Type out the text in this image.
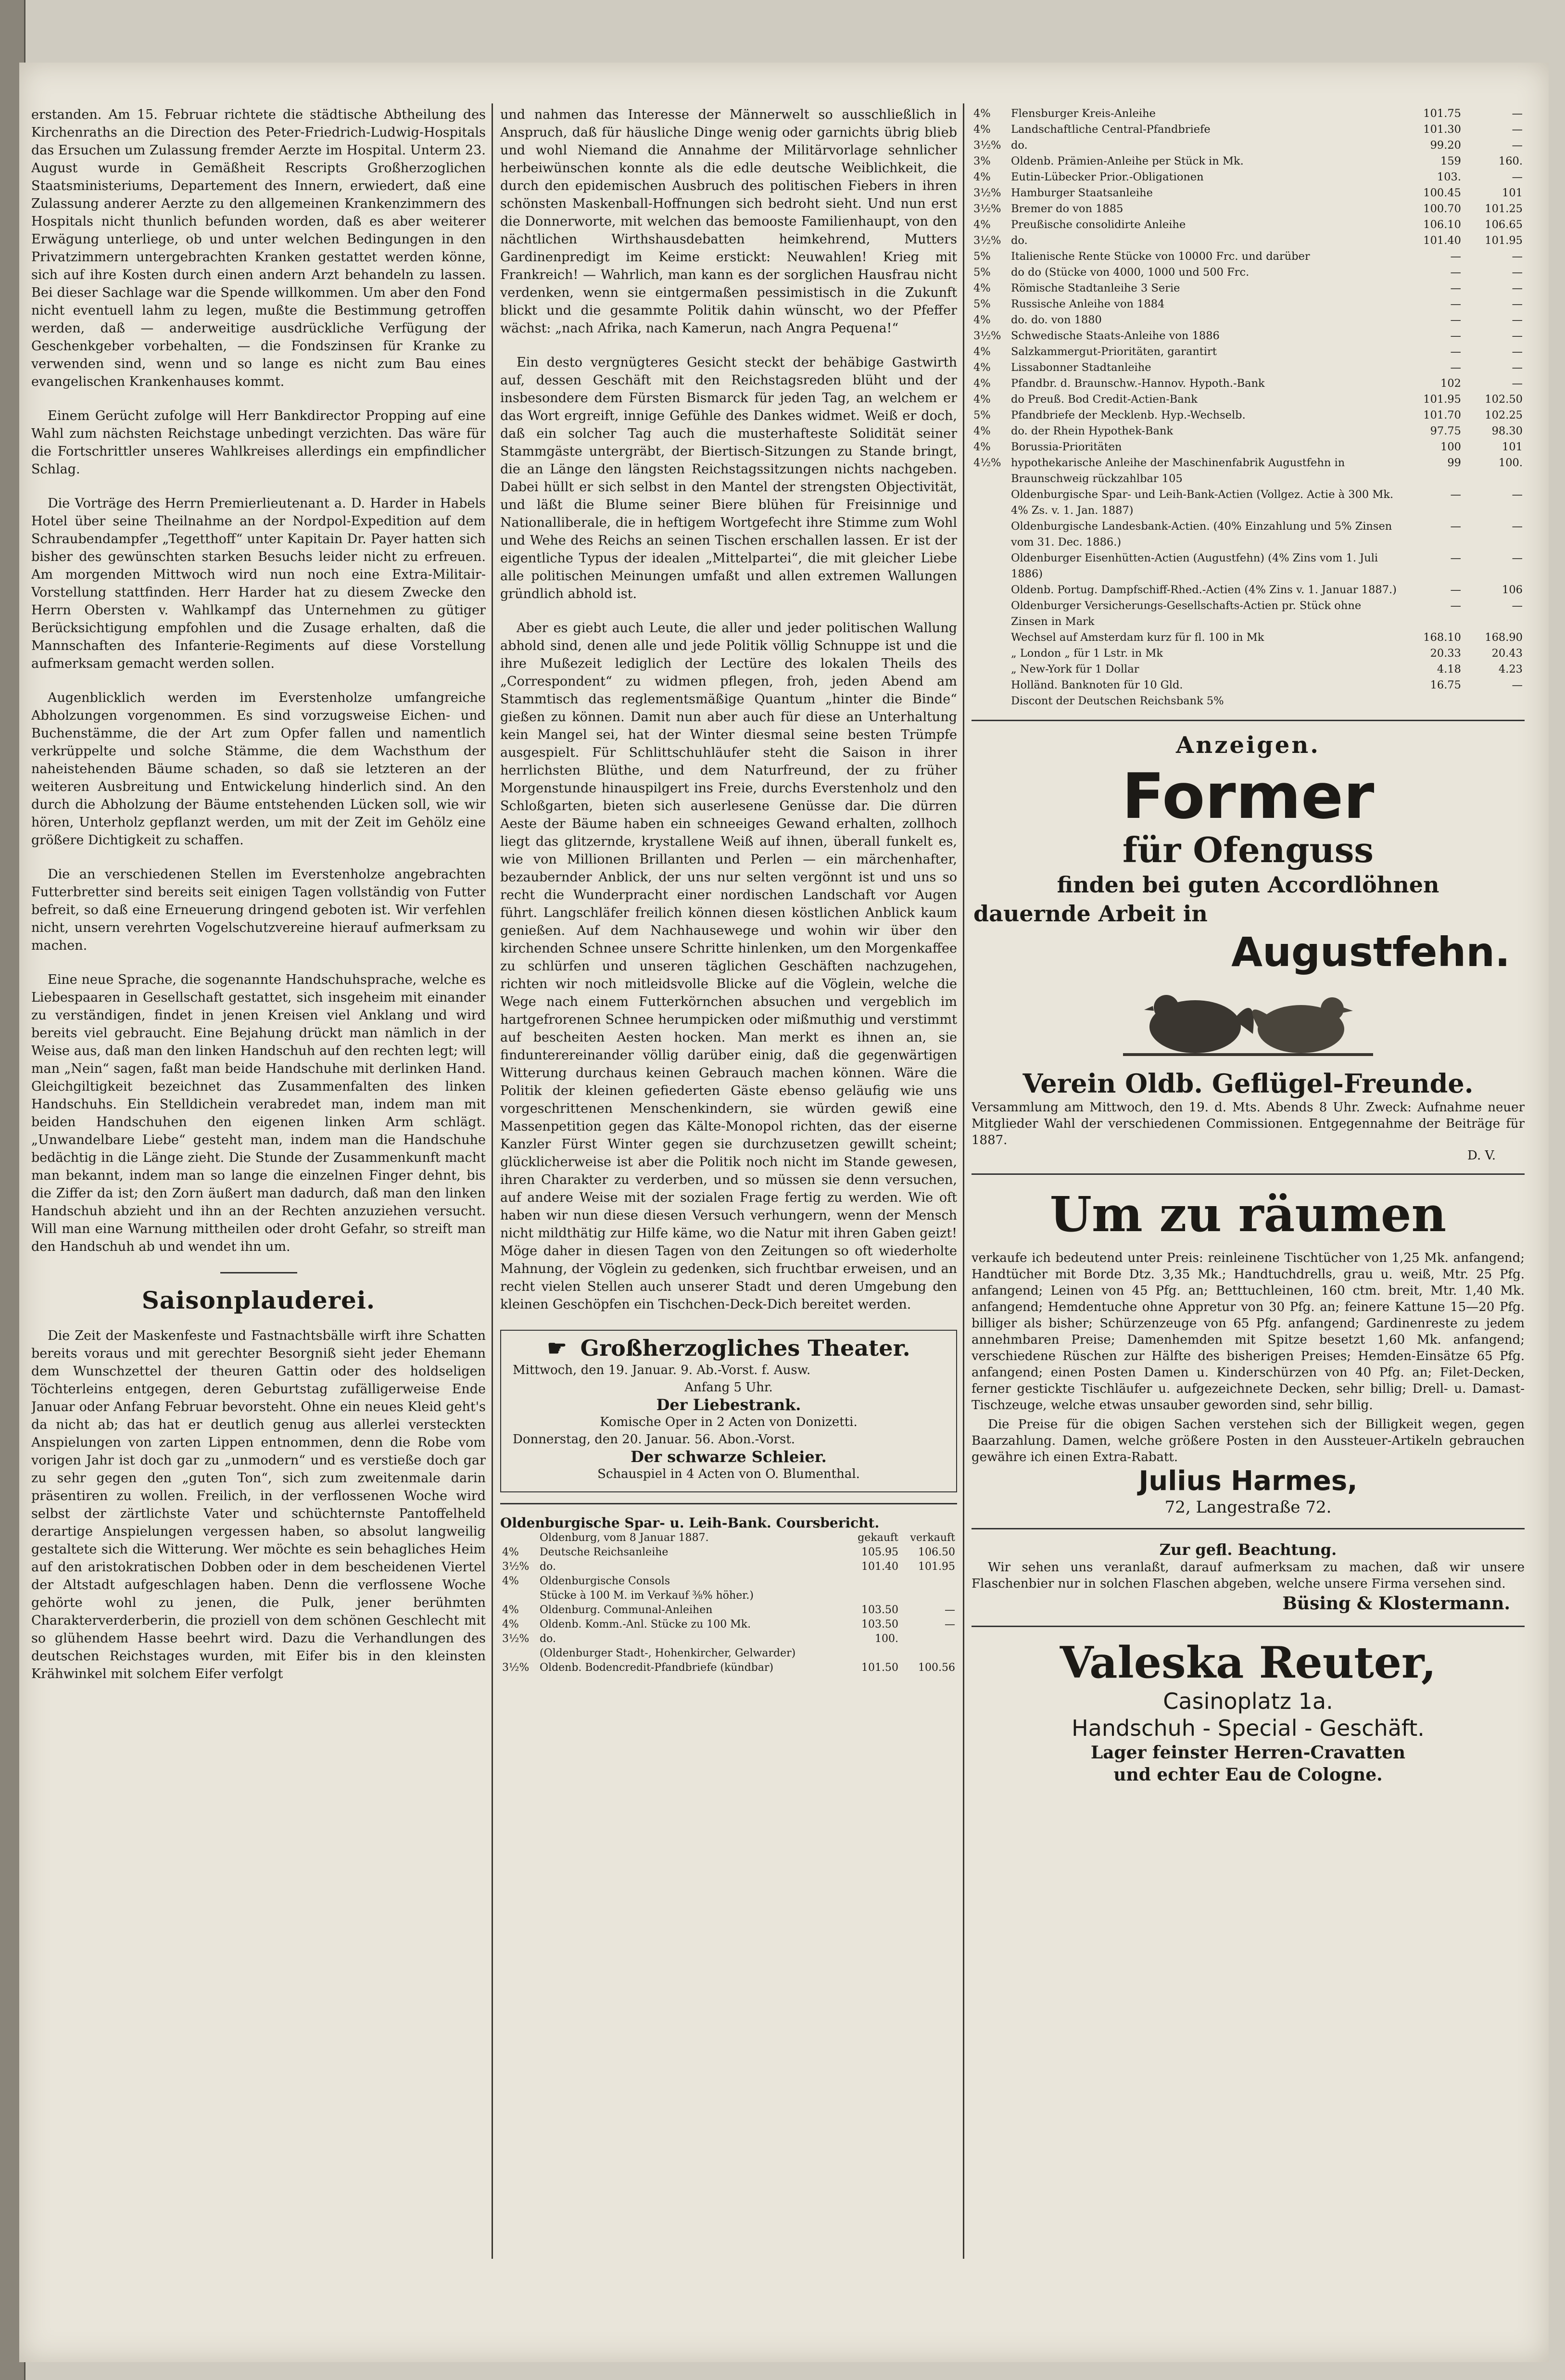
erstanden. Am 15. Februar richtete die städtische Abtheilung des Kirchenraths an die Direction des Peter-Friedrich-Ludwig-Hospitals das Ersuchen um Zulassung fremder Aerzte im Hospital. Unterm 23. August wurde in Gemäßheit Rescripts Großherzoglichen Staatsministeriums, Departement des Innern, erwiedert, daß eine Zulassung anderer Aerzte zu den allgemeinen Krankenzimmern des Hospitals nicht thunlich befunden worden, daß es aber weiterer Erwägung unterliege, ob und unter welchen Bedingungen in den Privatzimmern untergebrachten Kranken gestattet werden könne, sich auf ihre Kosten durch einen andern Arzt behandeln zu lassen. Bei dieser Sachlage war die Spende willkommen. Um aber den Fond nicht eventuell lahm zu legen, mußte die Bestimmung getroffen werden, daß — anderweitige ausdrückliche Verfügung der Geschenkgeber vorbehalten, — die Fondszinsen für Kranke zu verwenden sind, wenn und so lange es nicht zum Bau eines evangelischen Krankenhauses kommt.

Einem Gerücht zufolge will Herr Bankdirector Propping auf eine Wahl zum nächsten Reichstage unbedingt verzichten. Das wäre für die Fortschrittler unseres Wahlkreises allerdings ein empfindlicher Schlag.

Die Vorträge des Herrn Premierlieutenant a. D. Harder in Habels Hotel über seine Theilnahme an der Nordpol-Expedition auf dem Schraubendampfer „Tegetthoff“ unter Kapitain Dr. Payer hatten sich bisher des gewünschten starken Besuchs leider nicht zu erfreuen. Am morgenden Mittwoch wird nun noch eine Extra-Militair-Vorstellung stattfinden. Herr Harder hat zu diesem Zwecke den Herrn Obersten v. Wahlkampf das Unternehmen zu gütiger Berücksichtigung empfohlen und die Zusage erhalten, daß die Mannschaften des Infanterie-Regiments auf diese Vorstellung aufmerksam gemacht werden sollen.

Augenblicklich werden im Everstenholze umfangreiche Abholzungen vorgenommen. Es sind vorzugsweise Eichen- und Buchenstämme, die der Art zum Opfer fallen und namentlich verkrüppelte und solche Stämme, die dem Wachsthum der naheistehenden Bäume schaden, so daß sie letzteren an der weiteren Ausbreitung und Entwickelung hinderlich sind. An den durch die Abholzung der Bäume entstehenden Lücken soll, wie wir hören, Unterholz gepflanzt werden, um mit der Zeit im Gehölz eine größere Dichtigkeit zu schaffen.

Die an verschiedenen Stellen im Everstenholze angebrachten Futterbretter sind bereits seit einigen Tagen vollständig von Futter befreit, so daß eine Erneuerung dringend geboten ist. Wir verfehlen nicht, unsern verehrten Vogelschutzvereine hierauf aufmerksam zu machen.

Eine neue Sprache, die sogenannte Handschuhsprache, welche es Liebespaaren in Gesellschaft gestattet, sich insgeheim mit einander zu verständigen, findet in jenen Kreisen viel Anklang und wird bereits viel gebraucht. Eine Bejahung drückt man nämlich in der Weise aus, daß man den linken Handschuh auf den rechten legt; will man „Nein“ sagen, faßt man beide Handschuhe mit derlinken Hand. Gleichgiltigkeit bezeichnet das Zusammenfalten des linken Handschuhs. Ein Stelldichein verabredet man, indem man mit beiden Handschuhen den eigenen linken Arm schlägt. „Unwandelbare Liebe“ gesteht man, indem man die Handschuhe bedächtig in die Länge zieht. Die Stunde der Zusammenkunft macht man bekannt, indem man so lange die einzelnen Finger dehnt, bis die Ziffer da ist; den Zorn äußert man dadurch, daß man den linken Handschuh abzieht und ihn an der Rechten anzuziehen versucht. Will man eine Warnung mittheilen oder droht Gefahr, so streift man den Handschuh ab und wendet ihn um.

Saisonplauderei.

Die Zeit der Maskenfeste und Fastnachtsbälle wirft ihre Schatten bereits voraus und mit gerechter Besorgniß sieht jeder Ehemann dem Wunschzettel der theuren Gattin oder des holdseligen Töchterleins entgegen, deren Geburtstag zufälligerweise Ende Januar oder Anfang Februar bevorsteht. Ohne ein neues Kleid geht's da nicht ab; das hat er deutlich genug aus allerlei versteckten Anspielungen von zarten Lippen entnommen, denn die Robe vom vorigen Jahr ist doch gar zu „unmodern“ und es verstieße doch gar zu sehr gegen den „guten Ton“, sich zum zweitenmale darin präsentiren zu wollen. Freilich, in der verflossenen Woche wird selbst der zärtlichste Vater und schüchternste Pantoffelheld derartige Anspielungen vergessen haben, so absolut langweilig gestaltete sich die Witterung. Wer möchte es sein behagliches Heim auf den aristokratischen Dobben oder in dem bescheidenen Viertel der Altstadt aufgeschlagen haben. Denn die verflossene Woche gehörte wohl zu jenen, die Pulk, jener berühmten Charakterverderberin, die proziell von dem schönen Geschlecht mit so glühendem Hasse beehrt wird. Dazu die Verhandlungen des deutschen Reichstages wurden, mit Eifer bis in den kleinsten Krähwinkel mit solchem Eifer verfolgt

und nahmen das Interesse der Männerwelt so ausschließlich in Anspruch, daß für häusliche Dinge wenig oder garnichts übrig blieb und wohl Niemand die Annahme der Militärvorlage sehnlicher herbeiwünschen konnte als die edle deutsche Weiblichkeit, die durch den epidemischen Ausbruch des politischen Fiebers in ihren schönsten Maskenball-Hoffnungen sich bedroht sieht. Und nun erst die Donnerworte, mit welchen das bemooste Familienhaupt, von den nächtlichen Wirthshausdebatten heimkehrend, Mutters Gardinenpredigt im Keime erstickt: Neuwahlen! Krieg mit Frankreich! — Wahrlich, man kann es der sorglichen Hausfrau nicht verdenken, wenn sie eintgermaßen pessimistisch in die Zukunft blickt und die gesammte Politik dahin wünscht, wo der Pfeffer wächst: „nach Afrika, nach Kamerun, nach Angra Pequena!“

Ein desto vergnügteres Gesicht steckt der behäbige Gastwirth auf, dessen Geschäft mit den Reichstagsreden blüht und der insbesondere dem Fürsten Bismarck für jeden Tag, an welchem er das Wort ergreift, innige Gefühle des Dankes widmet. Weiß er doch, daß ein solcher Tag auch die musterhafteste Solidität seiner Stammgäste untergräbt, der Biertisch-Sitzungen zu Stande bringt, die an Länge den längsten Reichstagssitzungen nichts nachgeben. Dabei hüllt er sich selbst in den Mantel der strengsten Objectivität, und läßt die Blume seiner Biere blühen für Freisinnige und Nationalliberale, die in heftigem Wortgefecht ihre Stimme zum Wohl und Wehe des Reichs an seinen Tischen erschallen lassen. Er ist der eigentliche Typus der idealen „Mittelpartei“, die mit gleicher Liebe alle politischen Meinungen umfaßt und allen extremen Wallungen gründlich abhold ist.

Aber es giebt auch Leute, die aller und jeder politischen Wallung abhold sind, denen alle und jede Politik völlig Schnuppe ist und die ihre Mußezeit lediglich der Lectüre des lokalen Theils des „Correspondent“ zu widmen pflegen, froh, jeden Abend am Stammtisch das reglementsmäßige Quantum „hinter die Binde“ gießen zu können. Damit nun aber auch für diese an Unterhaltung kein Mangel sei, hat der Winter diesmal seine besten Trümpfe ausgespielt. Für Schlittschuhläufer steht die Saison in ihrer herrlichsten Blüthe, und dem Naturfreund, der zu früher Morgenstunde hinauspilgert ins Freie, durchs Everstenholz und den Schloßgarten, bieten sich auserlesene Genüsse dar. Die dürren Aeste der Bäume haben ein schneeiges Gewand erhalten, zollhoch liegt das glitzernde, krystallene Weiß auf ihnen, überall funkelt es, wie von Millionen Brillanten und Perlen — ein märchenhafter, bezaubernder Anblick, der uns nur selten vergönnt ist und uns so recht die Wunderpracht einer nordischen Landschaft vor Augen führt. Langschläfer freilich können diesen köstlichen Anblick kaum genießen. Auf dem Nachhausewege und wohin wir über den kirchenden Schnee unsere Schritte hinlenken, um den Morgenkaffee zu schlürfen und unseren täglichen Geschäften nachzugehen, richten wir noch mitleidsvolle Blicke auf die Vöglein, welche die Wege nach einem Futterkörnchen absuchen und vergeblich im hartgefrorenen Schnee herumpicken oder mißmuthig und verstimmt auf bescheiten Aesten hocken. Man merkt es ihnen an, sie findunterereinander völlig darüber einig, daß die gegenwärtigen Witterung durchaus keinen Gebrauch machen können. Wäre die Politik der kleinen gefiederten Gäste ebenso geläufig wie uns vorgeschrittenen Menschenkindern, sie würden gewiß eine Massenpetition gegen das Kälte-Monopol richten, das der eiserne Kanzler Fürst Winter gegen sie durchzusetzen gewillt scheint; glücklicherweise ist aber die Politik noch nicht im Stande gewesen, ihren Charakter zu verderben, und so müssen sie denn versuchen, auf andere Weise mit der sozialen Frage fertig zu werden. Wie oft haben wir nun diese diesen Versuch verhungern, wenn der Mensch nicht mildthätig zur Hilfe käme, wo die Natur mit ihren Gaben geizt! Möge daher in diesen Tagen von den Zeitungen so oft wiederholte Mahnung, der Vöglein zu gedenken, sich fruchtbar erweisen, und an recht vielen Stellen auch unserer Stadt und deren Umgebung den kleinen Geschöpfen ein Tischchen-Deck-Dich bereitet werden.

☛ Großherzogliches Theater.
Mittwoch, den 19. Januar. 9. Ab.-Vorst. f. Ausw.
Anfang 5 Uhr.
Der Liebestrank.
Komische Oper in 2 Acten von Donizetti.
Donnerstag, den 20. Januar. 56. Abon.-Vorst.
Der schwarze Schleier.
Schauspiel in 4 Acten von O. Blumenthal.
Oldenburgische Spar- u. Leih-Bank. Coursbericht.
	Oldenburg, vom 8 Januar 1887.	gekauft	verkauft
4%	Deutsche Reichsanleihe	105.95	106.50
3½%	do.	101.40	101.95
4%	Oldenburgische Consols		
	Stücke à 100 M. im Verkauf ⅜% höher.)		
4%	Oldenburg. Communal-Anleihen	103.50	—
4%	Oldenb. Komm.-Anl. Stücke zu 100 Mk.	103.50	—
3½%	do.	100.	
	(Oldenburger Stadt-, Hohenkircher, Gelwarder)		
3½%	Oldenb. Bodencredit-Pfandbriefe (kündbar)	101.50	100.56
4%	Flensburger Kreis-Anleihe	101.75	—
4%	Landschaftliche Central-Pfandbriefe	101.30	—
3½%	do.	99.20	—
3%	Oldenb. Prämien-Anleihe per Stück in Mk.	159	160.
4%	Eutin-Lübecker Prior.-Obligationen	103.	—
3½%	Hamburger Staatsanleihe	100.45	101
3½%	Bremer do von 1885	100.70	101.25
4%	Preußische consolidirte Anleihe	106.10	106.65
3½%	do.	101.40	101.95
5%	Italienische Rente Stücke von 10000 Frc. und darüber	—	—
5%	do do (Stücke von 4000, 1000 und 500 Frc.	—	—
4%	Römische Stadtanleihe 3 Serie	—	—
5%	Russische Anleihe von 1884	—	—
4%	do. do. von 1880	—	—
3½%	Schwedische Staats-Anleihe von 1886	—	—
4%	Salzkammergut-Prioritäten, garantirt	—	—
4%	Lissabonner Stadtanleihe	—	—
4%	Pfandbr. d. Braunschw.-Hannov. Hypoth.-Bank	102	—
4%	do Preuß. Bod Credit-Actien-Bank	101.95	102.50
5%	Pfandbriefe der Mecklenb. Hyp.-Wechselb.	101.70	102.25
4%	do. der Rhein Hypothek-Bank	97.75	98.30
4%	Borussia-Prioritäten	100	101
4½%	hypothekarische Anleihe der Maschinenfabrik Augustfehn in Braunschweig rückzahlbar 105	99	100.
	Oldenburgische Spar- und Leih-Bank-Actien (Vollgez. Actie à 300 Mk. 4% Zs. v. 1. Jan. 1887)	—	—
	Oldenburgische Landesbank-Actien. (40% Einzahlung und 5% Zinsen vom 31. Dec. 1886.)	—	—
	Oldenburger Eisenhütten-Actien (Augustfehn) (4% Zins vom 1. Juli 1886)	—	—
	Oldenb. Portug. Dampfschiff-Rhed.-Actien (4% Zins v. 1. Januar 1887.)	—	106
	Oldenburger Versicherungs-Gesellschafts-Actien pr. Stück ohne Zinsen in Mark	—	—
	Wechsel auf Amsterdam kurz für fl. 100 in Mk	168.10	168.90
	„ London „ für 1 Lstr. in Mk	20.33	20.43
	„ New-York für 1 Dollar	4.18	4.23
	Holländ. Banknoten für 10 Gld.	16.75	—
	Discont der Deutschen Reichsbank 5%		
Anzeigen.
Former
für Ofenguss
finden bei guten Accordlöhnen
dauernde Arbeit in
Augustfehn.
Verein Oldb. Geflügel-Freunde.

Versammlung am Mittwoch, den 19. d. Mts. Abends 8 Uhr. Zweck: Aufnahme neuer Mitglieder Wahl der verschiedenen Commissionen. Entgegennahme der Beiträge für 1887.

D. V.
Um zu räumen

verkaufe ich bedeutend unter Preis: reinleinene Tischtücher von 1,25 Mk. anfangend; Handtücher mit Borde Dtz. 3,35 Mk.; Handtuchdrells, grau u. weiß, Mtr. 25 Pfg. anfangend; Leinen von 45 Pfg. an; Betttuchleinen, 160 ctm. breit, Mtr. 1,40 Mk. anfangend; Hemdentuche ohne Appretur von 30 Pfg. an; feinere Kattune 15—20 Pfg. billiger als bisher; Schürzenzeuge von 65 Pfg. anfangend; Gardinenreste zu jedem annehmbaren Preise; Damenhemden mit Spitze besetzt 1,60 Mk. anfangend; verschiedene Rüschen zur Hälfte des bisherigen Preises; Hemden-Einsätze 65 Pfg. anfangend; einen Posten Damen u. Kinderschürzen von 40 Pfg. an; Filet-Decken, ferner gestickte Tischläufer u. aufgezeichnete Decken, sehr billig; Drell- u. Damast-Tischzeuge, welche etwas unsauber geworden sind, sehr billig.

Die Preise für die obigen Sachen verstehen sich der Billigkeit wegen, gegen Baarzahlung. Damen, welche größere Posten in den Aussteuer-Artikeln gebrauchen gewähre ich einen Extra-Rabatt.

Julius Harmes,
72, Langestraße 72.
Zur gefl. Beachtung.

Wir sehen uns veranlaßt, darauf aufmerksam zu machen, daß wir unsere Flaschenbier nur in solchen Flaschen abgeben, welche unsere Firma versehen sind.

Büsing & Klostermann.
Valeska Reuter,
Casinoplatz 1a.
Handschuh - Special - Geschäft.
Lager feinster Herren-Cravatten
und echter Eau de Cologne.
